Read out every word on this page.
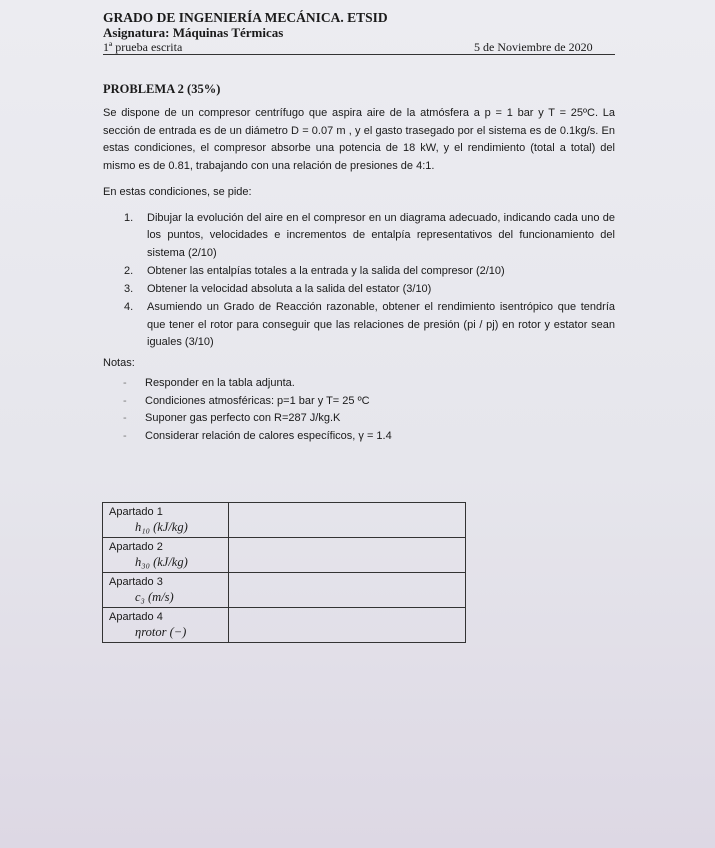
GRADO DE INGENIERÍA MECÁNICA. ETSID
Asignatura: Máquinas Térmicas
1ª prueba escrita	5 de Noviembre de 2020
PROBLEMA 2 (35%)
Se dispone de un compresor centrífugo que aspira aire de la atmósfera a p = 1 bar y T = 25ºC. La sección de entrada es de un diámetro D = 0.07 m , y el gasto trasegado por el sistema es de 0.1kg/s. En estas condiciones, el compresor absorbe una potencia de 18 kW, y el rendimiento (total a total) del mismo es de 0.81, trabajando con una relación de presiones de 4:1.
En estas condiciones, se pide:
1.	Dibujar la evolución del aire en el compresor en un diagrama adecuado, indicando cada uno de los puntos, velocidades e incrementos de entalpía representativos del funcionamiento del sistema (2/10)
2.	Obtener las entalpías totales a la entrada y la salida del compresor (2/10)
3.	Obtener la velocidad absoluta a la salida del estator (3/10)
4.	Asumiendo un Grado de Reacción razonable, obtener el rendimiento isentrópico que tendría que tener el rotor para conseguir que las relaciones de presión (pi / pj) en rotor y estator sean iguales (3/10)
Notas:
-	Responder en la tabla adjunta.
-	Condiciones atmosféricas: p=1 bar y T= 25 ºC
-	Suponer gas perfecto con R=287 J/kg.K
-	Considerar relación de calores específicos, γ = 1.4
Apartado 1
h₁₀ (kJ/kg)	

Apartado 2
h₃₀ (kJ/kg)	

Apartado 3
c₃ (m/s)	

Apartado 4
ηrotor (−)	
